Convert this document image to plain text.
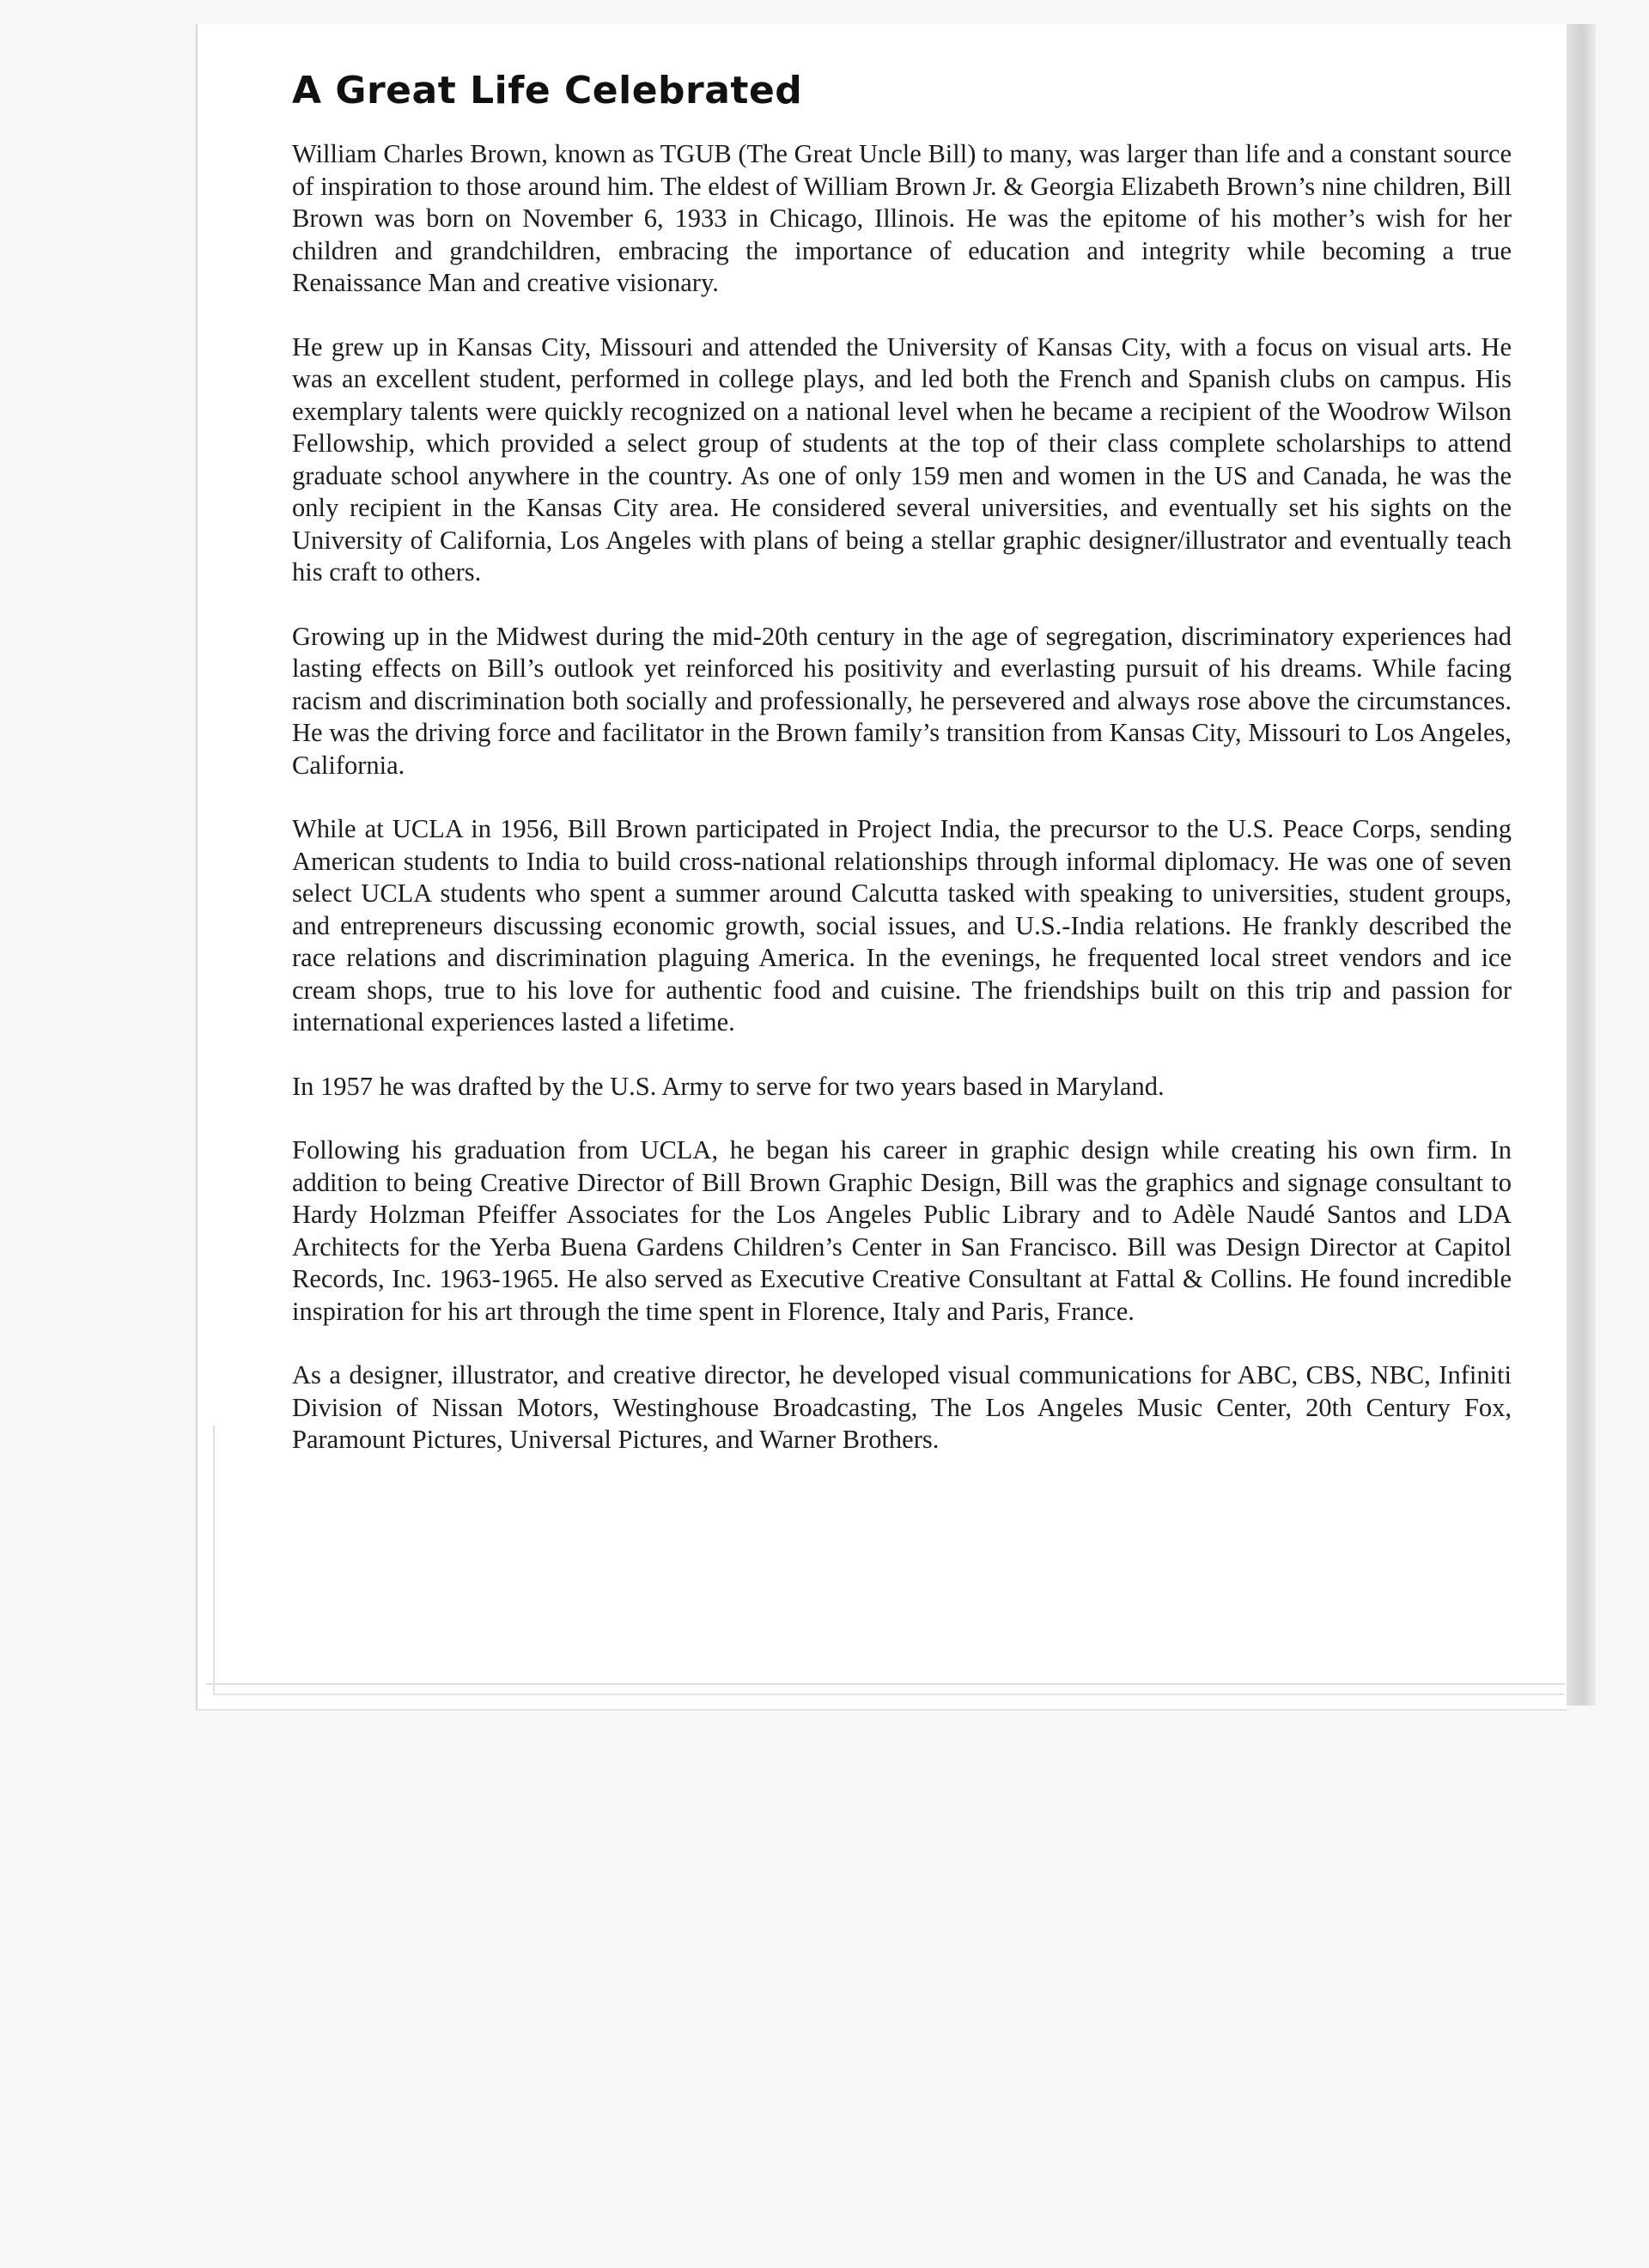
A Great Life Celebrated

William Charles Brown, known as TGUB (The Great Uncle Bill) to many, was larger than life and a constant source of inspiration to those around him. The eldest of William Brown Jr. & Georgia Elizabeth Brown’s nine children, Bill Brown was born on November 6, 1933 in Chicago, Illinois. He was the epitome of his mother’s wish for her children and grandchildren, embracing the importance of education and integrity while becoming a true Renaissance Man and creative visionary.

He grew up in Kansas City, Missouri and attended the University of Kansas City, with a focus on visual arts. He was an excellent student, performed in college plays, and led both the French and Spanish clubs on campus. His exemplary talents were quickly recognized on a national level when he became a recipient of the Woodrow Wilson Fellowship, which provided a select group of students at the top of their class complete scholarships to attend graduate school anywhere in the country. As one of only 159 men and women in the US and Canada, he was the only recipient in the Kansas City area. He considered several universities, and eventually set his sights on the University of California, Los Angeles with plans of being a stellar graphic designer/illustrator and eventually teach his craft to others.

Growing up in the Midwest during the mid-20th century in the age of segregation, discriminatory experiences had lasting effects on Bill’s outlook yet reinforced his positivity and everlasting pursuit of his dreams. While facing racism and discrimination both socially and professionally, he persevered and always rose above the circumstances. He was the driving force and facilitator in the Brown family’s transition from Kansas City, Missouri to Los Angeles, California.

While at UCLA in 1956, Bill Brown participated in Project India, the precursor to the U.S. Peace Corps, sending American students to India to build cross-national relationships through informal diplomacy. He was one of seven select UCLA students who spent a summer around Calcutta tasked with speaking to universities, student groups, and entrepreneurs discussing economic growth, social issues, and U.S.-India relations. He frankly described the race relations and discrimination plaguing America. In the evenings, he frequented local street vendors and ice cream shops, true to his love for authentic food and cuisine. The friendships built on this trip and passion for international experiences lasted a lifetime.

In 1957 he was drafted by the U.S. Army to serve for two years based in Maryland.

Following his graduation from UCLA, he began his career in graphic design while creating his own firm. In addition to being Creative Director of Bill Brown Graphic Design, Bill was the graphics and signage consultant to Hardy Holzman Pfeiffer Associates for the Los Angeles Public Library and to Adèle Naudé Santos and LDA Architects for the Yerba Buena Gardens Children’s Center in San Francisco. Bill was Design Director at Capitol Records, Inc. 1963-1965. He also served as Executive Creative Consultant at Fattal & Collins. He found incredible inspiration for his art through the time spent in Florence, Italy and Paris, France.

As a designer, illustrator, and creative director, he developed visual communications for ABC, CBS, NBC, Infiniti Division of Nissan Motors, Westinghouse Broadcasting, The Los Angeles Music Center, 20th Century Fox, Paramount Pictures, Universal Pictures, and Warner Brothers.
